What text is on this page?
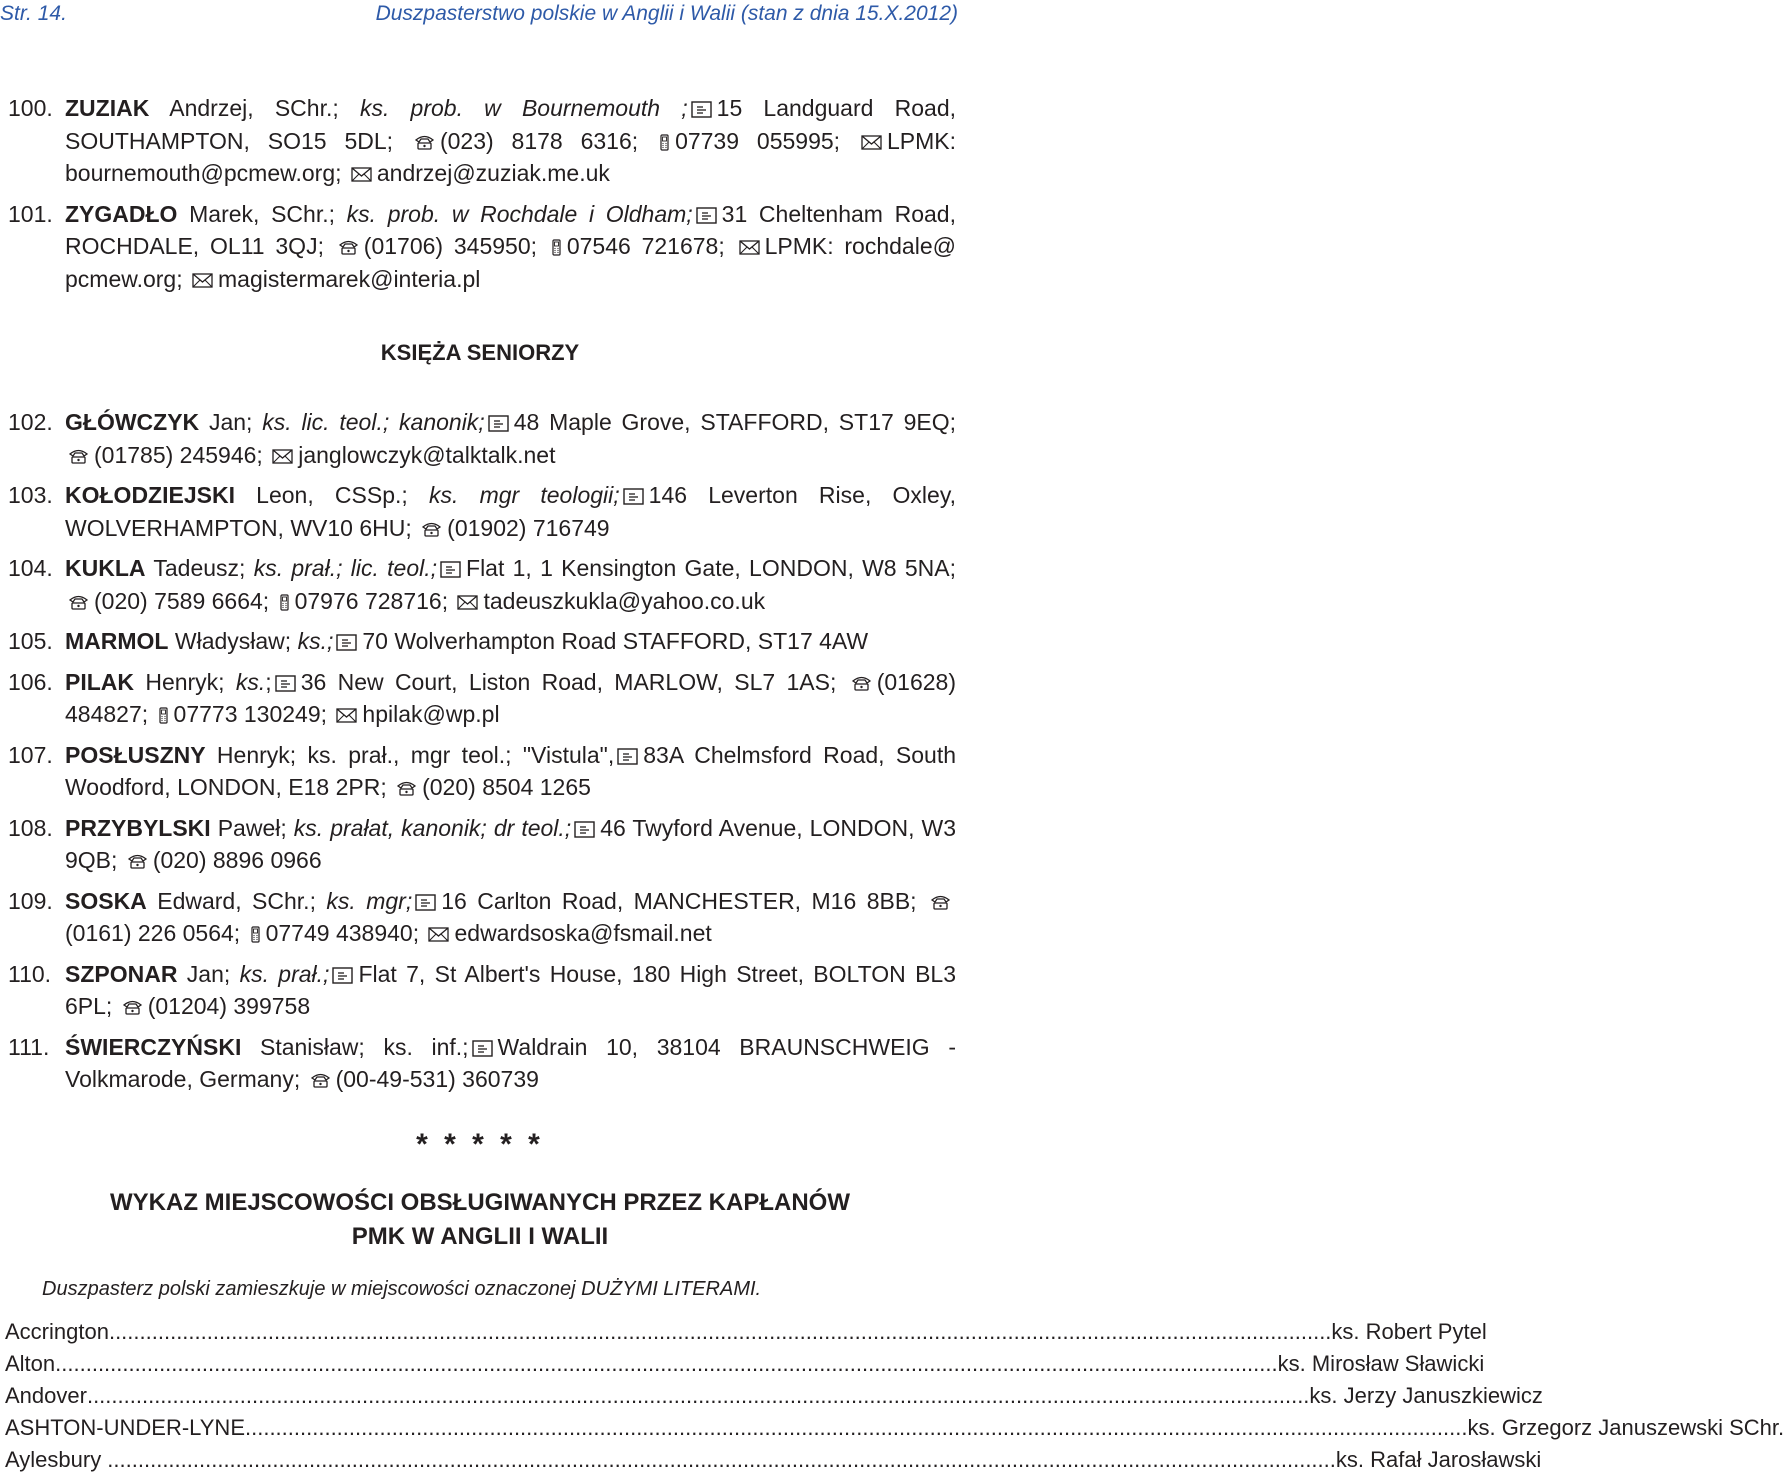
Str. 14.	Duszpasterstwo polskie w Anglii i Walii (stan z dnia 15.X.2012)
100. ZUZIAK Andrzej, SChr.; ks. prob. w Bournemouth ; 15 Landguard Road, SOUTHAMPTON, SO15 5DL;
(023) 8178 6316;
07739 055995;
LPMK: bournemouth@pcmew.org;
andrzej@zuziak.me.uk
101. ZYGADŁO Marek, SChr.; ks. prob. w Rochdale i Oldham; 31 Cheltenham Road, ROCHDALE, OL11 3QJ;
(01706) 345950;
07546 721678;
LPMK: rochdale@ pcmew.org;
magistermarek@interia.pl
KSIĘŻA SENIORZY
102. GŁÓWCZYK Jan; ks. lic. teol.; kanonik; 48 Maple Grove, STAFFORD, ST17 9EQ;
(01785) 245946;
janglowczyk@talktalk.net
103. KOŁODZIEJSKI Leon, CSSp.; ks. mgr teologii; 146 Leverton Rise, Oxley, WOLVERHAMPTON, WV10 6HU;
(01902) 716749
104. KUKLA Tadeusz; ks. prał.; lic. teol.; Flat 1, 1 Kensington Gate, LONDON, W8 5NA;
(020) 7589 6664;
07976 728716;
tadeuszkukla@yahoo.co.uk
105. MARMOL Władysław; ks.; 70 Wolverhampton Road STAFFORD, ST17 4AW
106. PILAK Henryk; ks.; 36 New Court, Liston Road, MARLOW, SL7 1AS;
(01628) 484827;
07773 130249;
hpilak@wp.pl
107. POSŁUSZNY Henryk; ks. prał., mgr teol.; "Vistula", 83A Chelmsford Road, South Woodford, LONDON, E18 2PR;
(020) 8504 1265
108. PRZYBYLSKI Paweł; ks. prałat, kanonik; dr teol.; 46 Twyford Avenue, LONDON, W3 9QB;
(020) 8896 0966
109. SOSKA Edward, SChr.; ks. mgr; 16 Carlton Road, MANCHESTER, M16 8BB;
(0161) 226 0564;
07749 438940;
edwardsoska@fsmail.net
110. SZPONAR Jan; ks. prał.; Flat 7, St Albert's House, 180 High Street, BOLTON BL3 6PL;
(01204) 399758
111. ŚWIERCZYŃSKI Stanisław; ks. inf.; Waldrain 10, 38104 BRAUNSCHWEIG - Volkmarode, Germany;
(00-49-531) 360739
* * * * *
WYKAZ MIEJSCOWOŚCI OBSŁUGIWANYCH PRZEZ KAPŁANÓW
PMK W ANGLII I WALII
Duszpasterz polski zamieszkuje w miejscowości oznaczonej DUŻYMI LITERAMI.
Accrington ........................................................................................................................................................................................................ ks. Robert Pytel
Alton ........................................................................................................................................................................................................ ks. Mirosław Sławicki
Andover ........................................................................................................................................................................................................ ks. Jerzy Januszkiewicz
ASHTON-UNDER-LYNE ........................................................................................................................................................................................................ ks. Grzegorz Januszewski SChr.
Aylesbury . ........................................................................................................................................................................................................ ks. Rafał Jarosławski
